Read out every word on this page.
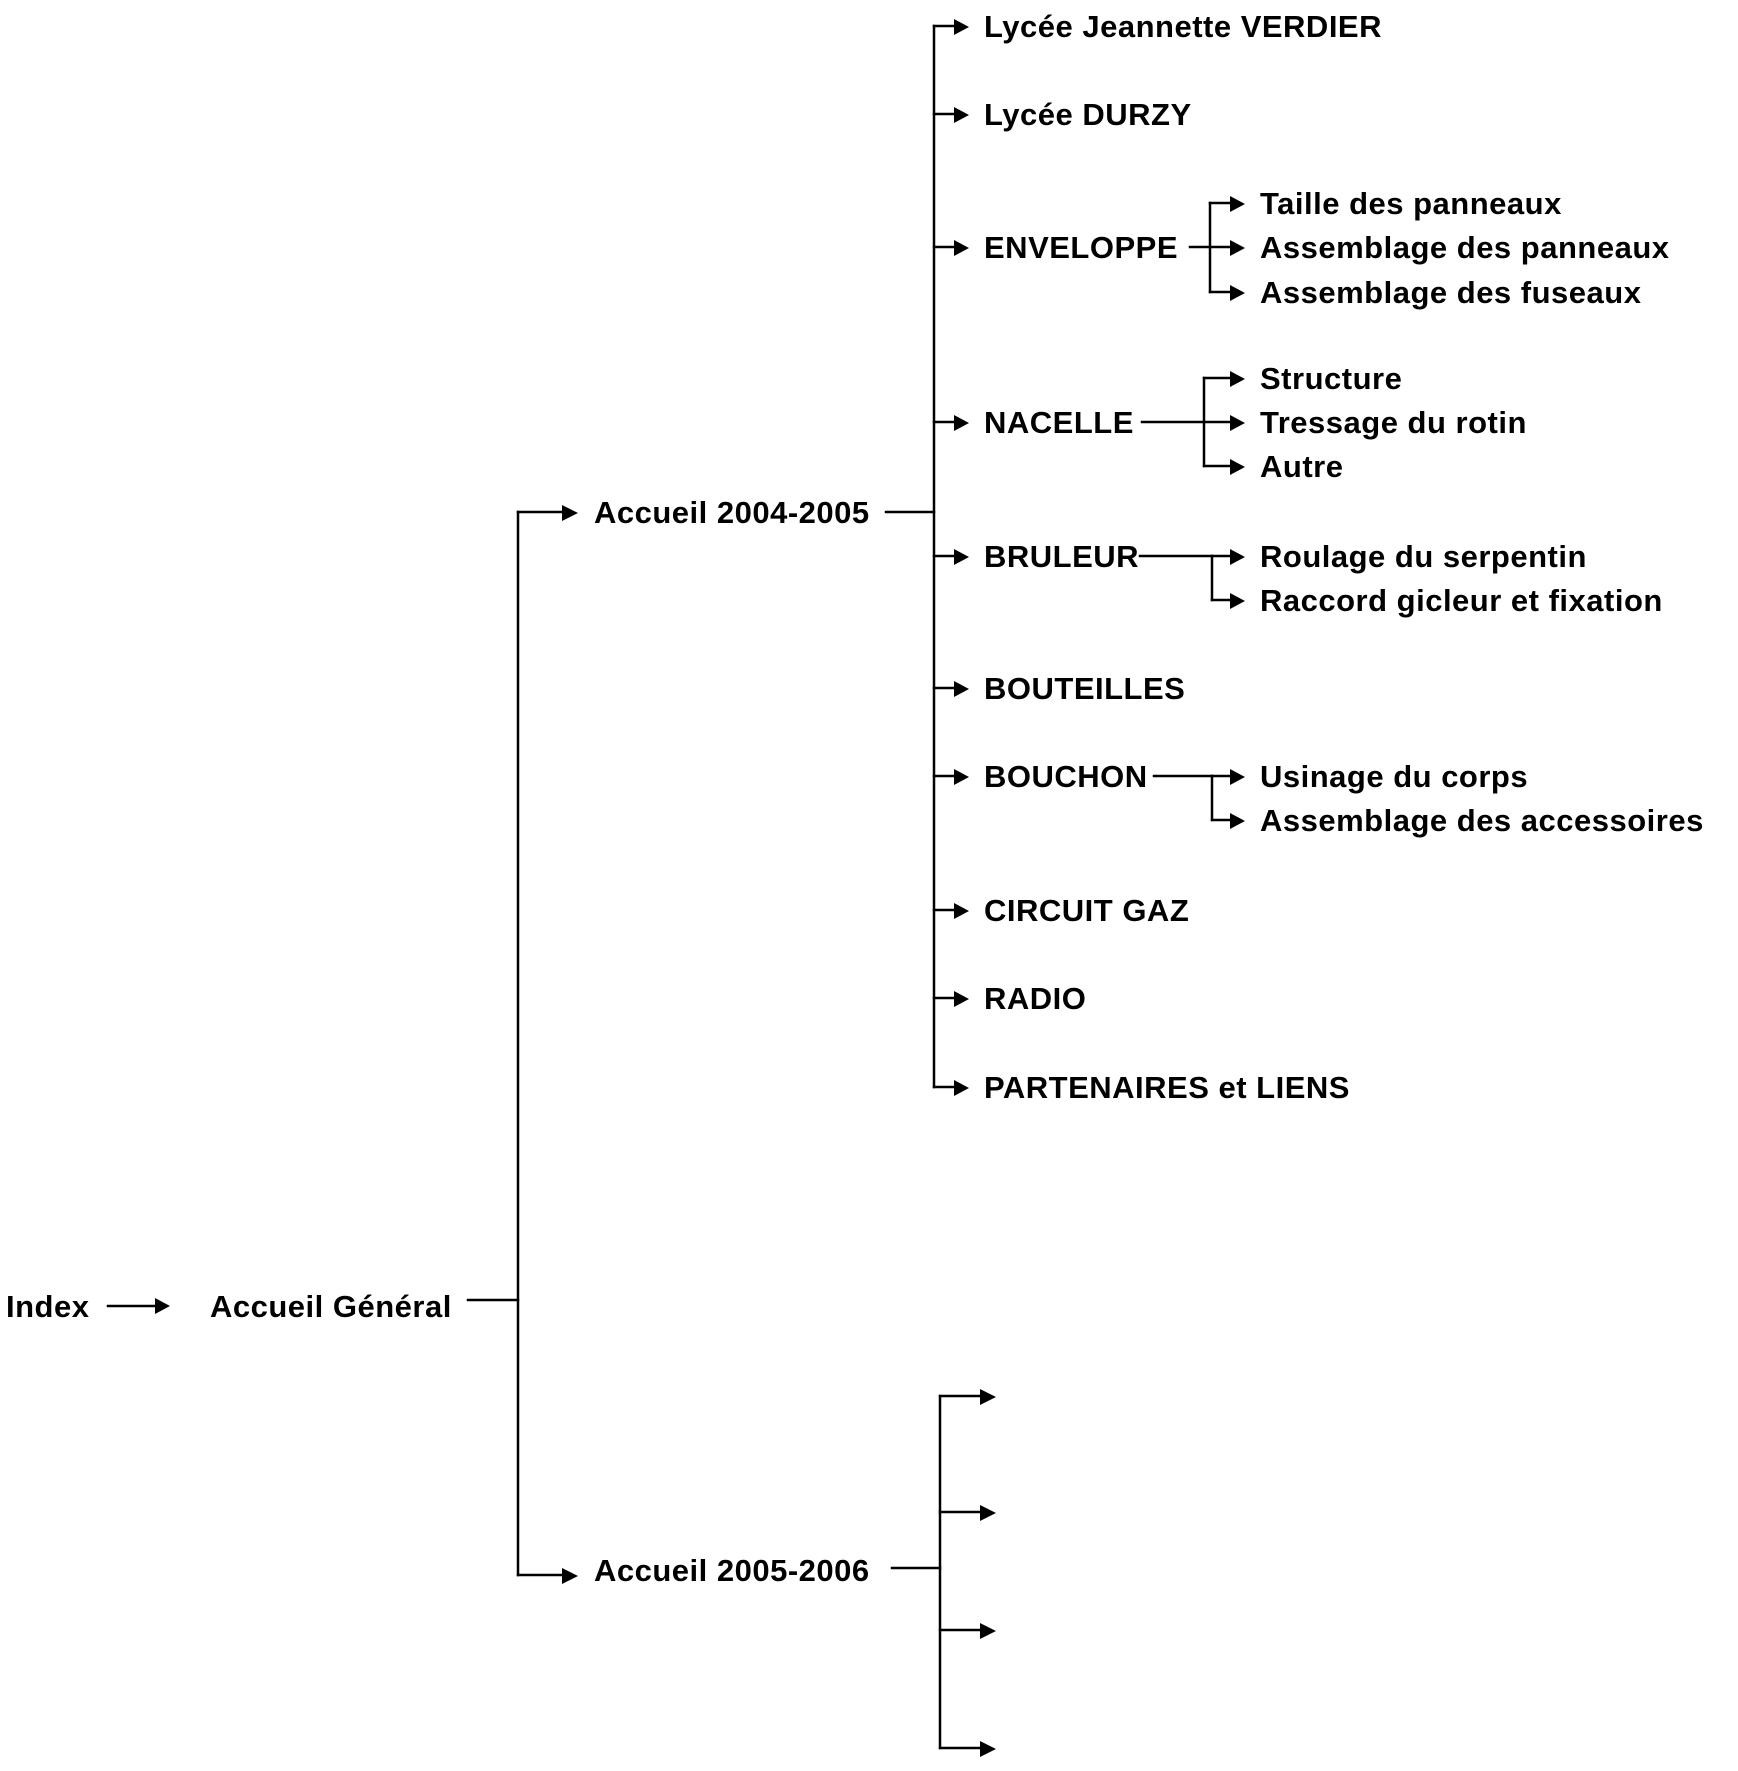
Index	Accueil Général
Accueil 2004-2005
Accueil 2005-2006
Lycée Jeannette VERDIER
Lycée DURZY
ENVELOPPE
Taille des panneaux
Assemblage des panneaux
Assemblage des fuseaux
NACELLE
Structure
Tressage du rotin
Autre
BRULEUR	Roulage du serpentin
Raccord gicleur et fixation
BOUTEILLES
BOUCHON	Usinage du corps
Assemblage des accessoires
CIRCUIT GAZ
RADIO
PARTENAIRES et LIENS
